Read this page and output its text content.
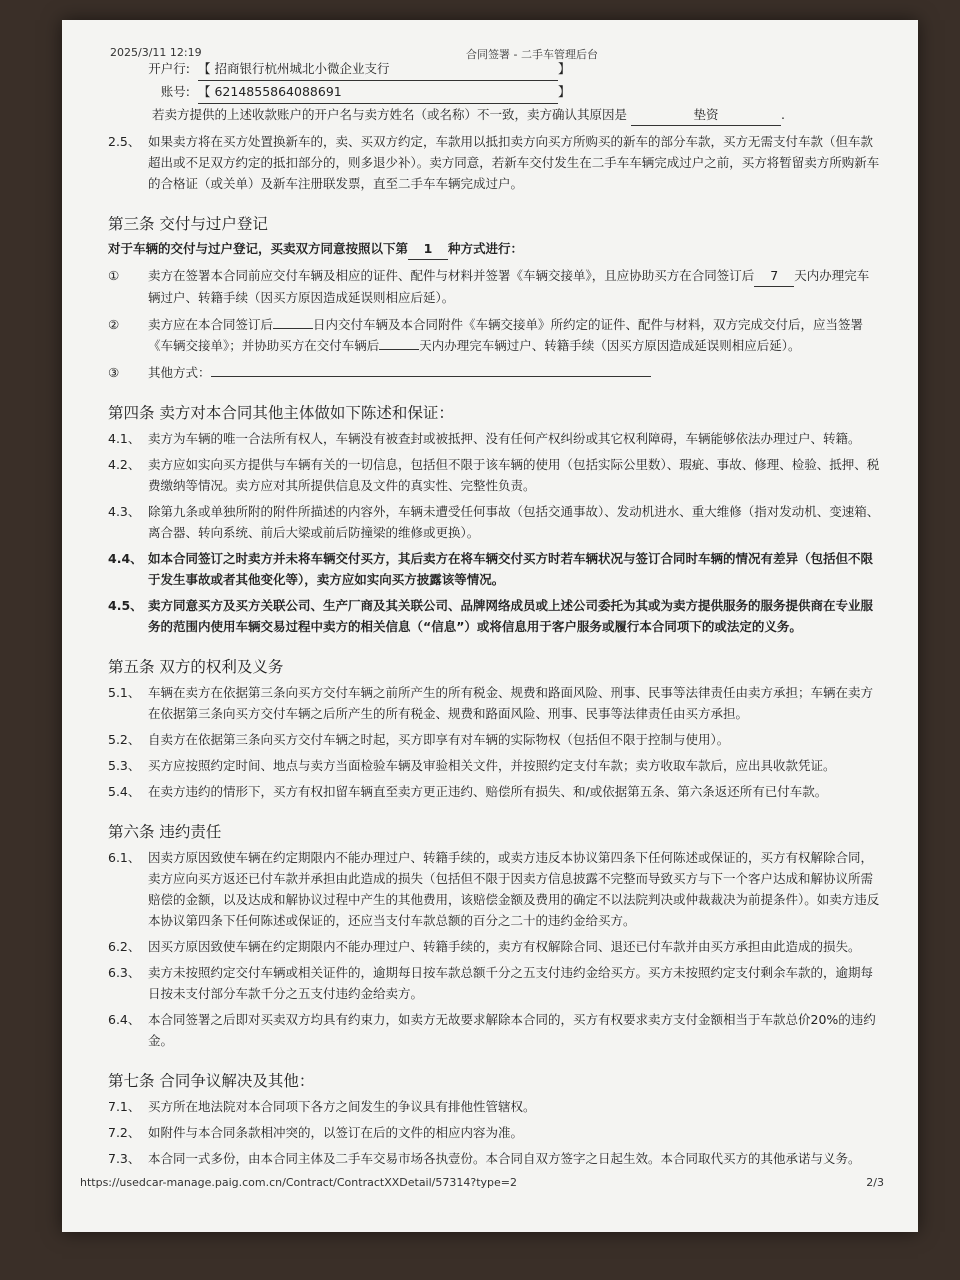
2025/3/11 12:19	合同签署 - 二手车管理后台
开户行: 【 招商银行杭州城北小微企业支行	】
账号: 【 6214855864088691	】
若卖方提供的上述收款账户的开户名与卖方姓名（或名称）不一致，卖方确认其原因是	垫资	.
2.5、 如果卖方将在买方处置换新车的，卖、买双方约定，车款用以抵扣卖方向买方所购买的新车的部分车款，买方无需支付车款（但车款超出或不足双方约定的抵扣部分的，则多退少补）。卖方同意，若新车交付发生在二手车车辆完成过户之前，买方将暂留卖方所购新车的合格证（或关单）及新车注册联发票，直至二手车车辆完成过户。
第三条 交付与过户登记
对于车辆的交付与过户登记，买卖双方同意按照以下第 1 种方式进行：
①	卖方在签署本合同前应交付车辆及相应的证件、配件与材料并签署《车辆交接单》，且应协助买方在合同签订后 7 天内办理完车辆过户、转籍手续（因买方原因造成延误则相应后延）。
②	卖方应在本合同签订后	日内交付车辆及本合同附件《车辆交接单》所约定的证件、配件与材料，双方完成交付后，应当签署《车辆交接单》；并协助买方在交付车辆后	天内办理完车辆过户、转籍手续（因买方原因造成延误则相应后延）。
③	其他方式：
第四条 卖方对本合同其他主体做如下陈述和保证：
4.1、 卖方为车辆的唯一合法所有权人，车辆没有被查封或被抵押、没有任何产权纠纷或其它权利障碍，车辆能够依法办理过户、转籍。
4.2、 卖方应如实向买方提供与车辆有关的一切信息，包括但不限于该车辆的使用（包括实际公里数）、瑕疵、事故、修理、检验、抵押、税费缴纳等情况。卖方应对其所提供信息及文件的真实性、完整性负责。
4.3、 除第九条或单独所附的附件所描述的内容外，车辆未遭受任何事故（包括交通事故）、发动机进水、重大维修（指对发动机、变速箱、离合器、转向系统、前后大梁或前后防撞梁的维修或更换）。
4.4、 如本合同签订之时卖方并未将车辆交付买方，其后卖方在将车辆交付买方时若车辆状况与签订合同时车辆的情况有差异（包括但不限于发生事故或者其他变化等），卖方应如实向买方披露该等情况。
4.5、 卖方同意买方及买方关联公司、生产厂商及其关联公司、品牌网络成员或上述公司委托为其或为卖方提供服务的服务提供商在专业服务的范围内使用车辆交易过程中卖方的相关信息（“信息”）或将信息用于客户服务或履行本合同项下的或法定的义务。
第五条 双方的权利及义务
5.1、 车辆在卖方在依据第三条向买方交付车辆之前所产生的所有税金、规费和路面风险、刑事、民事等法律责任由卖方承担；车辆在卖方在依据第三条向买方交付车辆之后所产生的所有税金、规费和路面风险、刑事、民事等法律责任由买方承担。
5.2、 自卖方在依据第三条向买方交付车辆之时起，买方即享有对车辆的实际物权（包括但不限于控制与使用）。
5.3、 买方应按照约定时间、地点与卖方当面检验车辆及审验相关文件，并按照约定支付车款；卖方收取车款后，应出具收款凭证。
5.4、 在卖方违约的情形下，买方有权扣留车辆直至卖方更正违约、赔偿所有损失、和/或依据第五条、第六条返还所有已付车款。
第六条 违约责任
6.1、 因卖方原因致使车辆在约定期限内不能办理过户、转籍手续的，或卖方违反本协议第四条下任何陈述或保证的，买方有权解除合同，卖方应向买方返还已付车款并承担由此造成的损失（包括但不限于因卖方信息披露不完整而导致买方与下一个客户达成和解协议所需赔偿的金额，以及达成和解协议过程中产生的其他费用，该赔偿金额及费用的确定不以法院判决或仲裁裁决为前提条件）。如卖方违反本协议第四条下任何陈述或保证的，还应当支付车款总额的百分之二十的违约金给买方。
6.2、 因买方原因致使车辆在约定期限内不能办理过户、转籍手续的，卖方有权解除合同、退还已付车款并由买方承担由此造成的损失。
6.3、 卖方未按照约定交付车辆或相关证件的，逾期每日按车款总额千分之五支付违约金给买方。买方未按照约定支付剩余车款的，逾期每日按未支付部分车款千分之五支付违约金给卖方。
6.4、 本合同签署之后即对买卖双方均具有约束力，如卖方无故要求解除本合同的，买方有权要求卖方支付金额相当于车款总价20%的违约金。
第七条 合同争议解决及其他：
7.1、 买方所在地法院对本合同项下各方之间发生的争议具有排他性管辖权。
7.2、 如附件与本合同条款相冲突的，以签订在后的文件的相应内容为准。
7.3、 本合同一式多份，由本合同主体及二手车交易市场各执壹份。本合同自双方签字之日起生效。本合同取代买方的其他承诺与义务。
https://usedcar-manage.paig.com.cn/Contract/ContractXXDetail/57314?type=2	2/3
